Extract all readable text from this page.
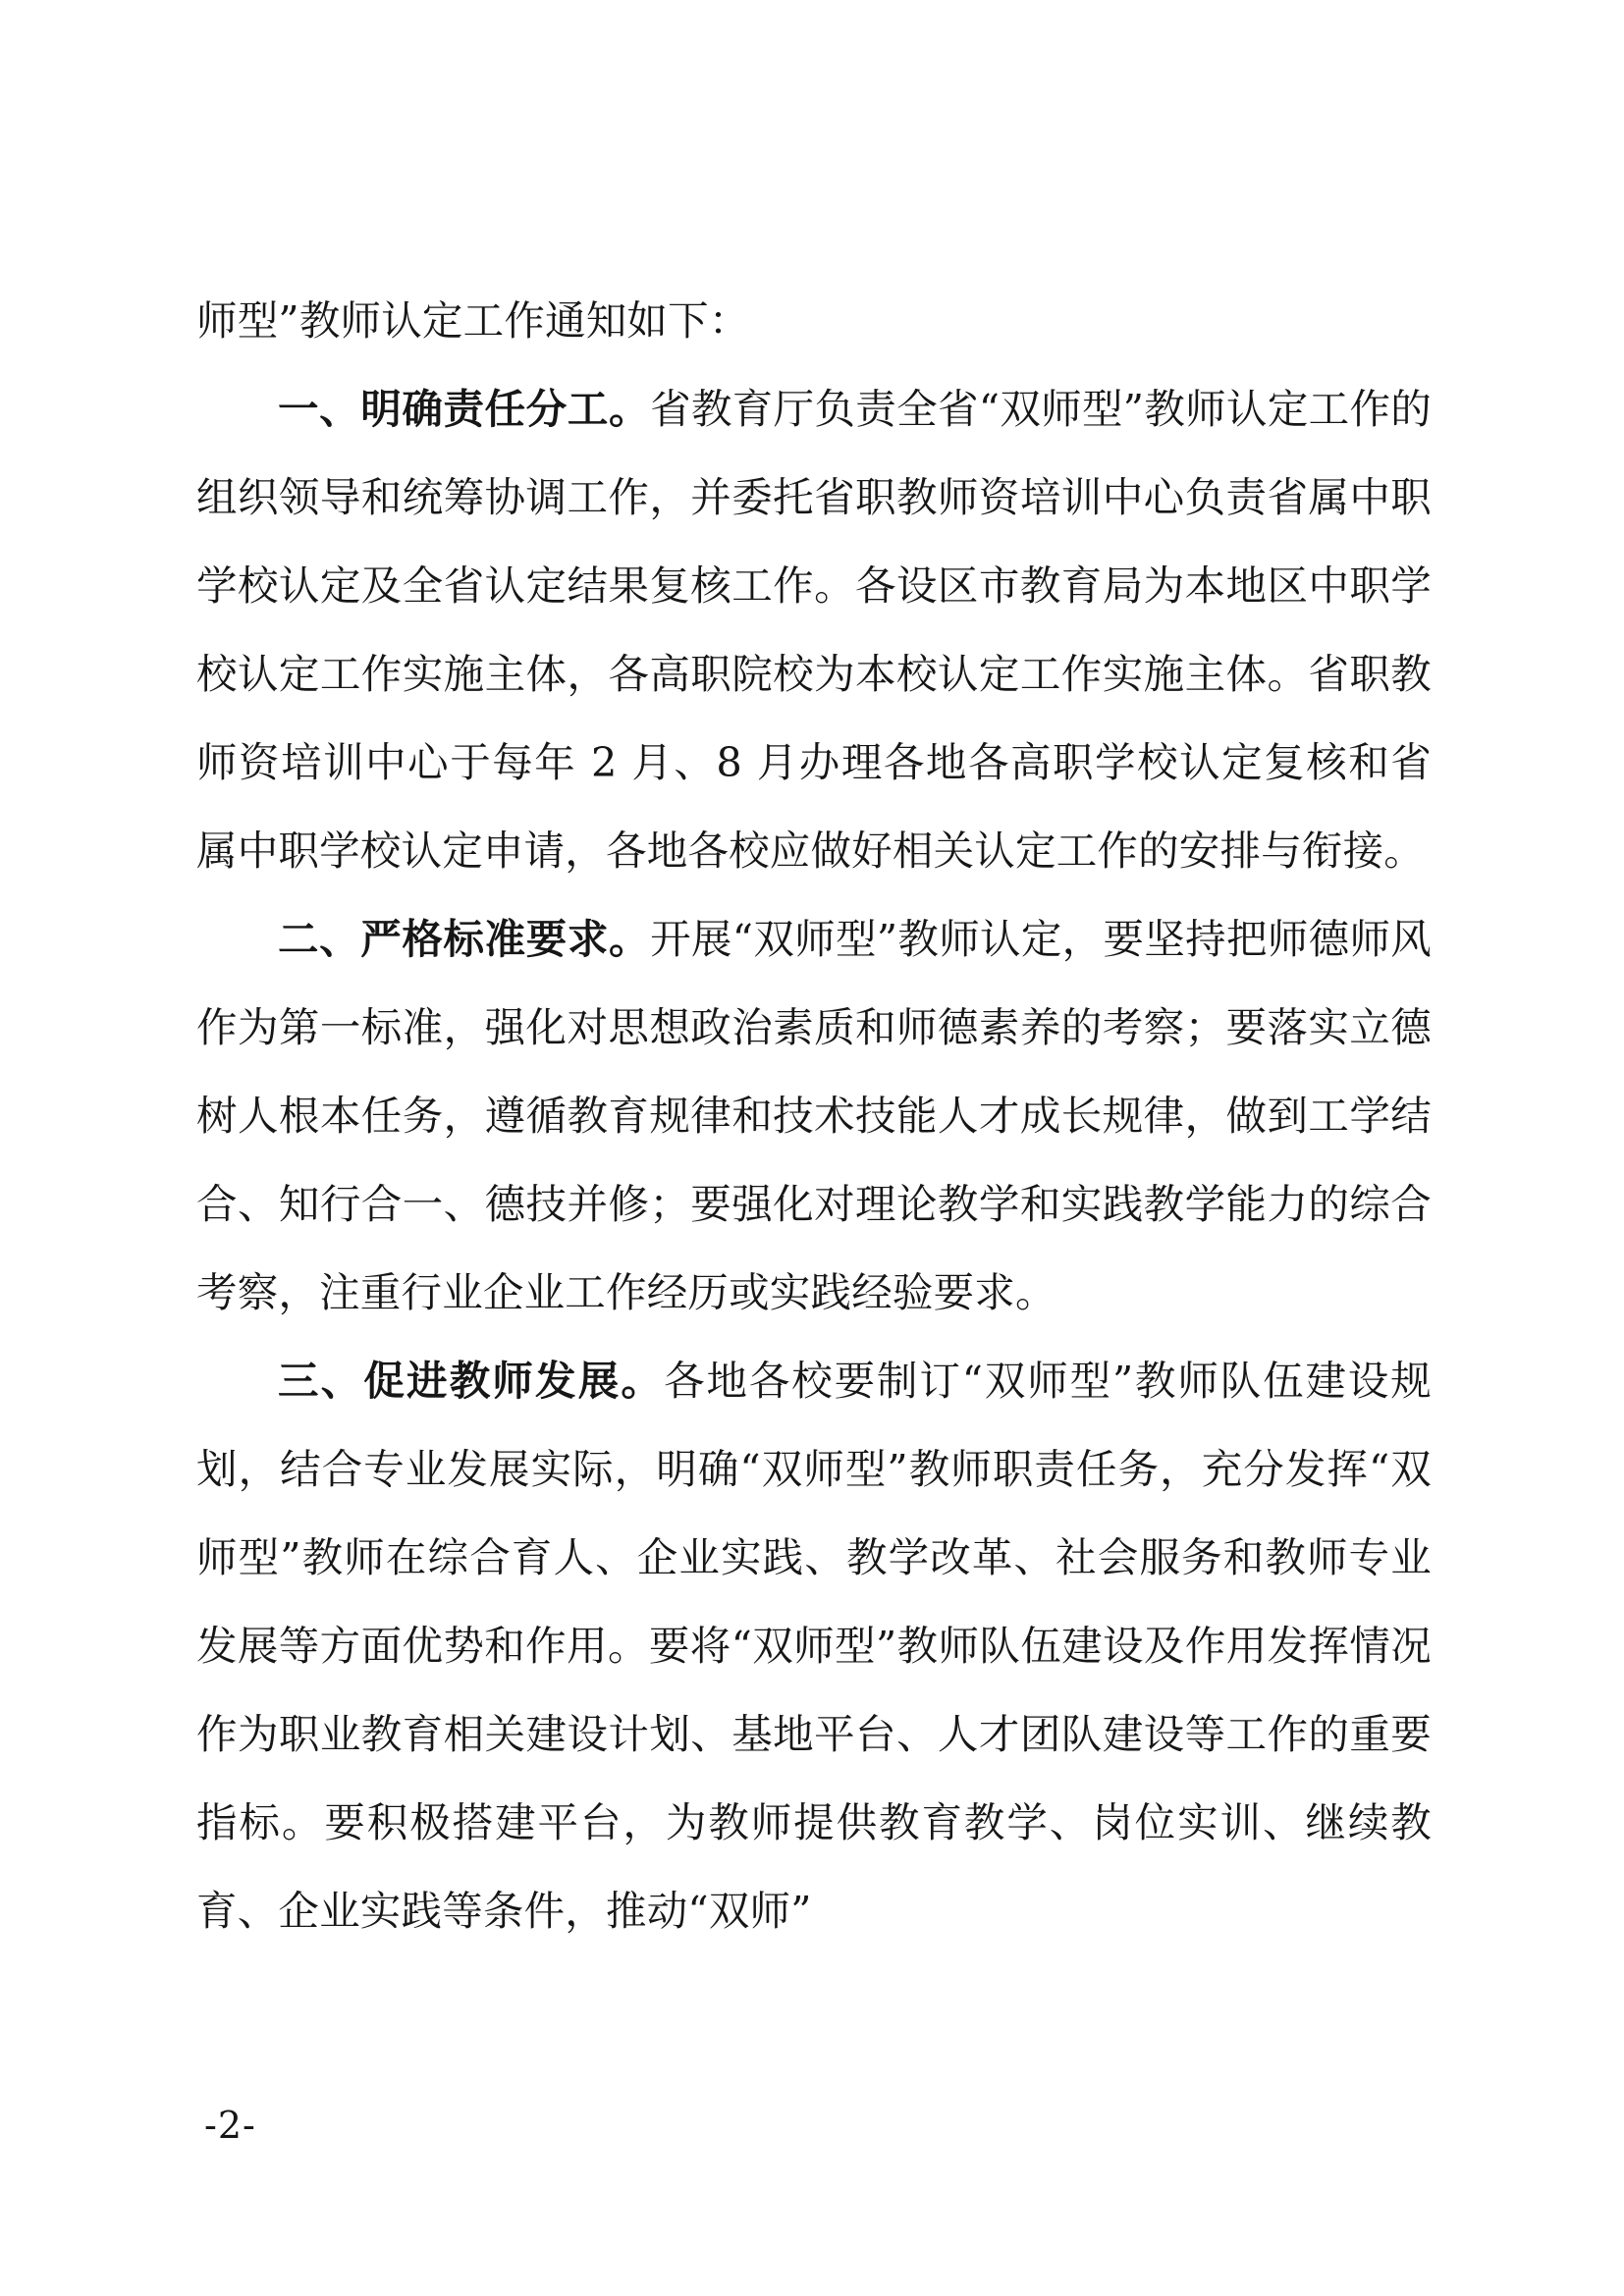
师型”教师认定工作通知如下：

一、明确责任分工。省教育厅负责全省“双师型”教师认定工作的组织领导和统筹协调工作，并委托省职教师资培训中心负责省属中职学校认定及全省认定结果复核工作。各设区市教育局为本地区中职学校认定工作实施主体，各高职院校为本校认定工作实施主体。省职教师资培训中心于每年 2 月、8 月办理各地各高职学校认定复核和省属中职学校认定申请，各地各校应做好相关认定工作的安排与衔接。

二、严格标准要求。开展“双师型”教师认定，要坚持把师德师风作为第一标准，强化对思想政治素质和师德素养的考察；要落实立德树人根本任务，遵循教育规律和技术技能人才成长规律，做到工学结合、知行合一、德技并修；要强化对理论教学和实践教学能力的综合考察，注重行业企业工作经历或实践经验要求。

三、促进教师发展。各地各校要制订“双师型”教师队伍建设规划，结合专业发展实际，明确“双师型”教师职责任务，充分发挥“双师型”教师在综合育人、企业实践、教学改革、社会服务和教师专业发展等方面优势和作用。要将“双师型”教师队伍建设及作用发挥情况作为职业教育相关建设计划、基地平台、人才团队建设等工作的重要指标。要积极搭建平台，为教师提供教育教学、岗位实训、继续教育、企业实践等条件，推动“双师”

-2-
